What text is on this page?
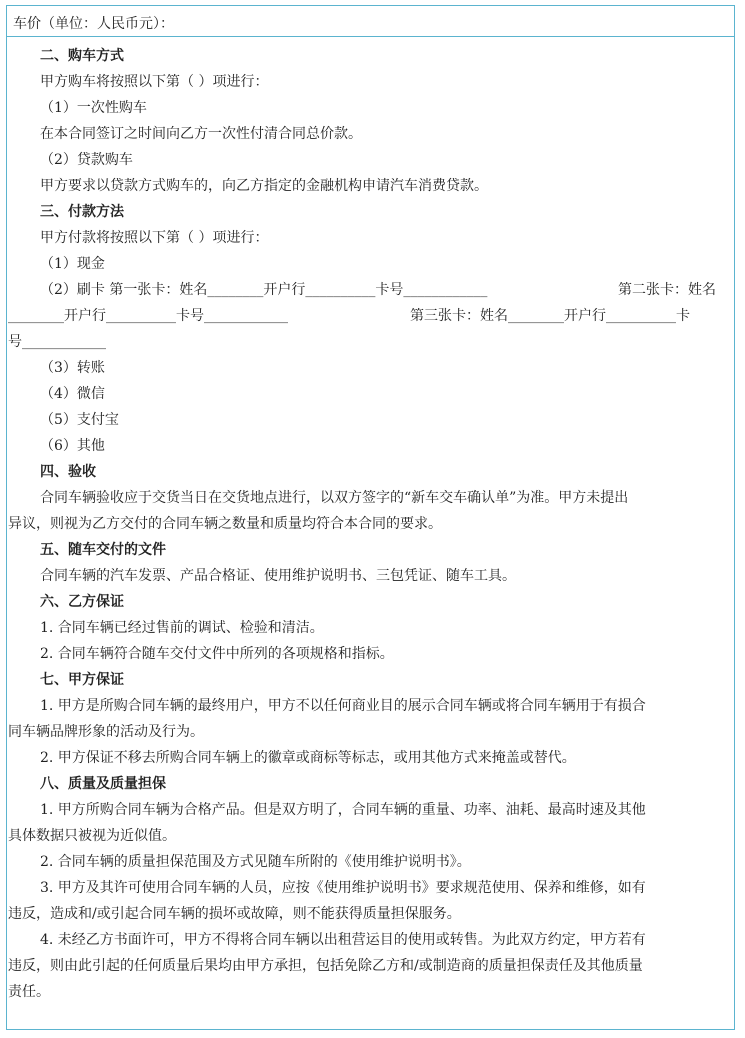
车价（单位：人民币元）：
二、购车方式
甲方购车将按照以下第（ ）项进行：
（1）一次性购车
在本合同签订之时间向乙方一次性付清合同总价款。
（2）贷款购车
甲方要求以贷款方式购车的，向乙方指定的金融机构申请汽车消费贷款。
三、付款方法
甲方付款将按照以下第（ ）项进行：
（1）现金
（2）刷卡 第一张卡：姓名________开户行__________卡号____________	第二张卡：姓名
________开户行__________卡号____________	第三张卡：姓名________开户行__________卡
号____________
（3）转账
（4）微信
（5）支付宝
（6）其他
四、验收
合同车辆验收应于交货当日在交货地点进行，以双方签字的“新车交车确认单”为准。甲方未提出
异议，则视为乙方交付的合同车辆之数量和质量均符合本合同的要求。
五、随车交付的文件
合同车辆的汽车发票、产品合格证、使用维护说明书、三包凭证、随车工具。
六、乙方保证
1. 合同车辆已经过售前的调试、检验和清洁。
2. 合同车辆符合随车交付文件中所列的各项规格和指标。
七、甲方保证
1. 甲方是所购合同车辆的最终用户，甲方不以任何商业目的展示合同车辆或将合同车辆用于有损合
同车辆品牌形象的活动及行为。
2. 甲方保证不移去所购合同车辆上的徽章或商标等标志，或用其他方式来掩盖或替代。
八、质量及质量担保
1. 甲方所购合同车辆为合格产品。但是双方明了，合同车辆的重量、功率、油耗、最高时速及其他
具体数据只被视为近似值。
2. 合同车辆的质量担保范围及方式见随车所附的《使用维护说明书》。
3. 甲方及其许可使用合同车辆的人员，应按《使用维护说明书》要求规范使用、保养和维修，如有
违反，造成和/或引起合同车辆的损坏或故障，则不能获得质量担保服务。
4. 未经乙方书面许可，甲方不得将合同车辆以出租营运目的使用或转售。为此双方约定，甲方若有
违反，则由此引起的任何质量后果均由甲方承担，包括免除乙方和/或制造商的质量担保责任及其他质量
责任。
